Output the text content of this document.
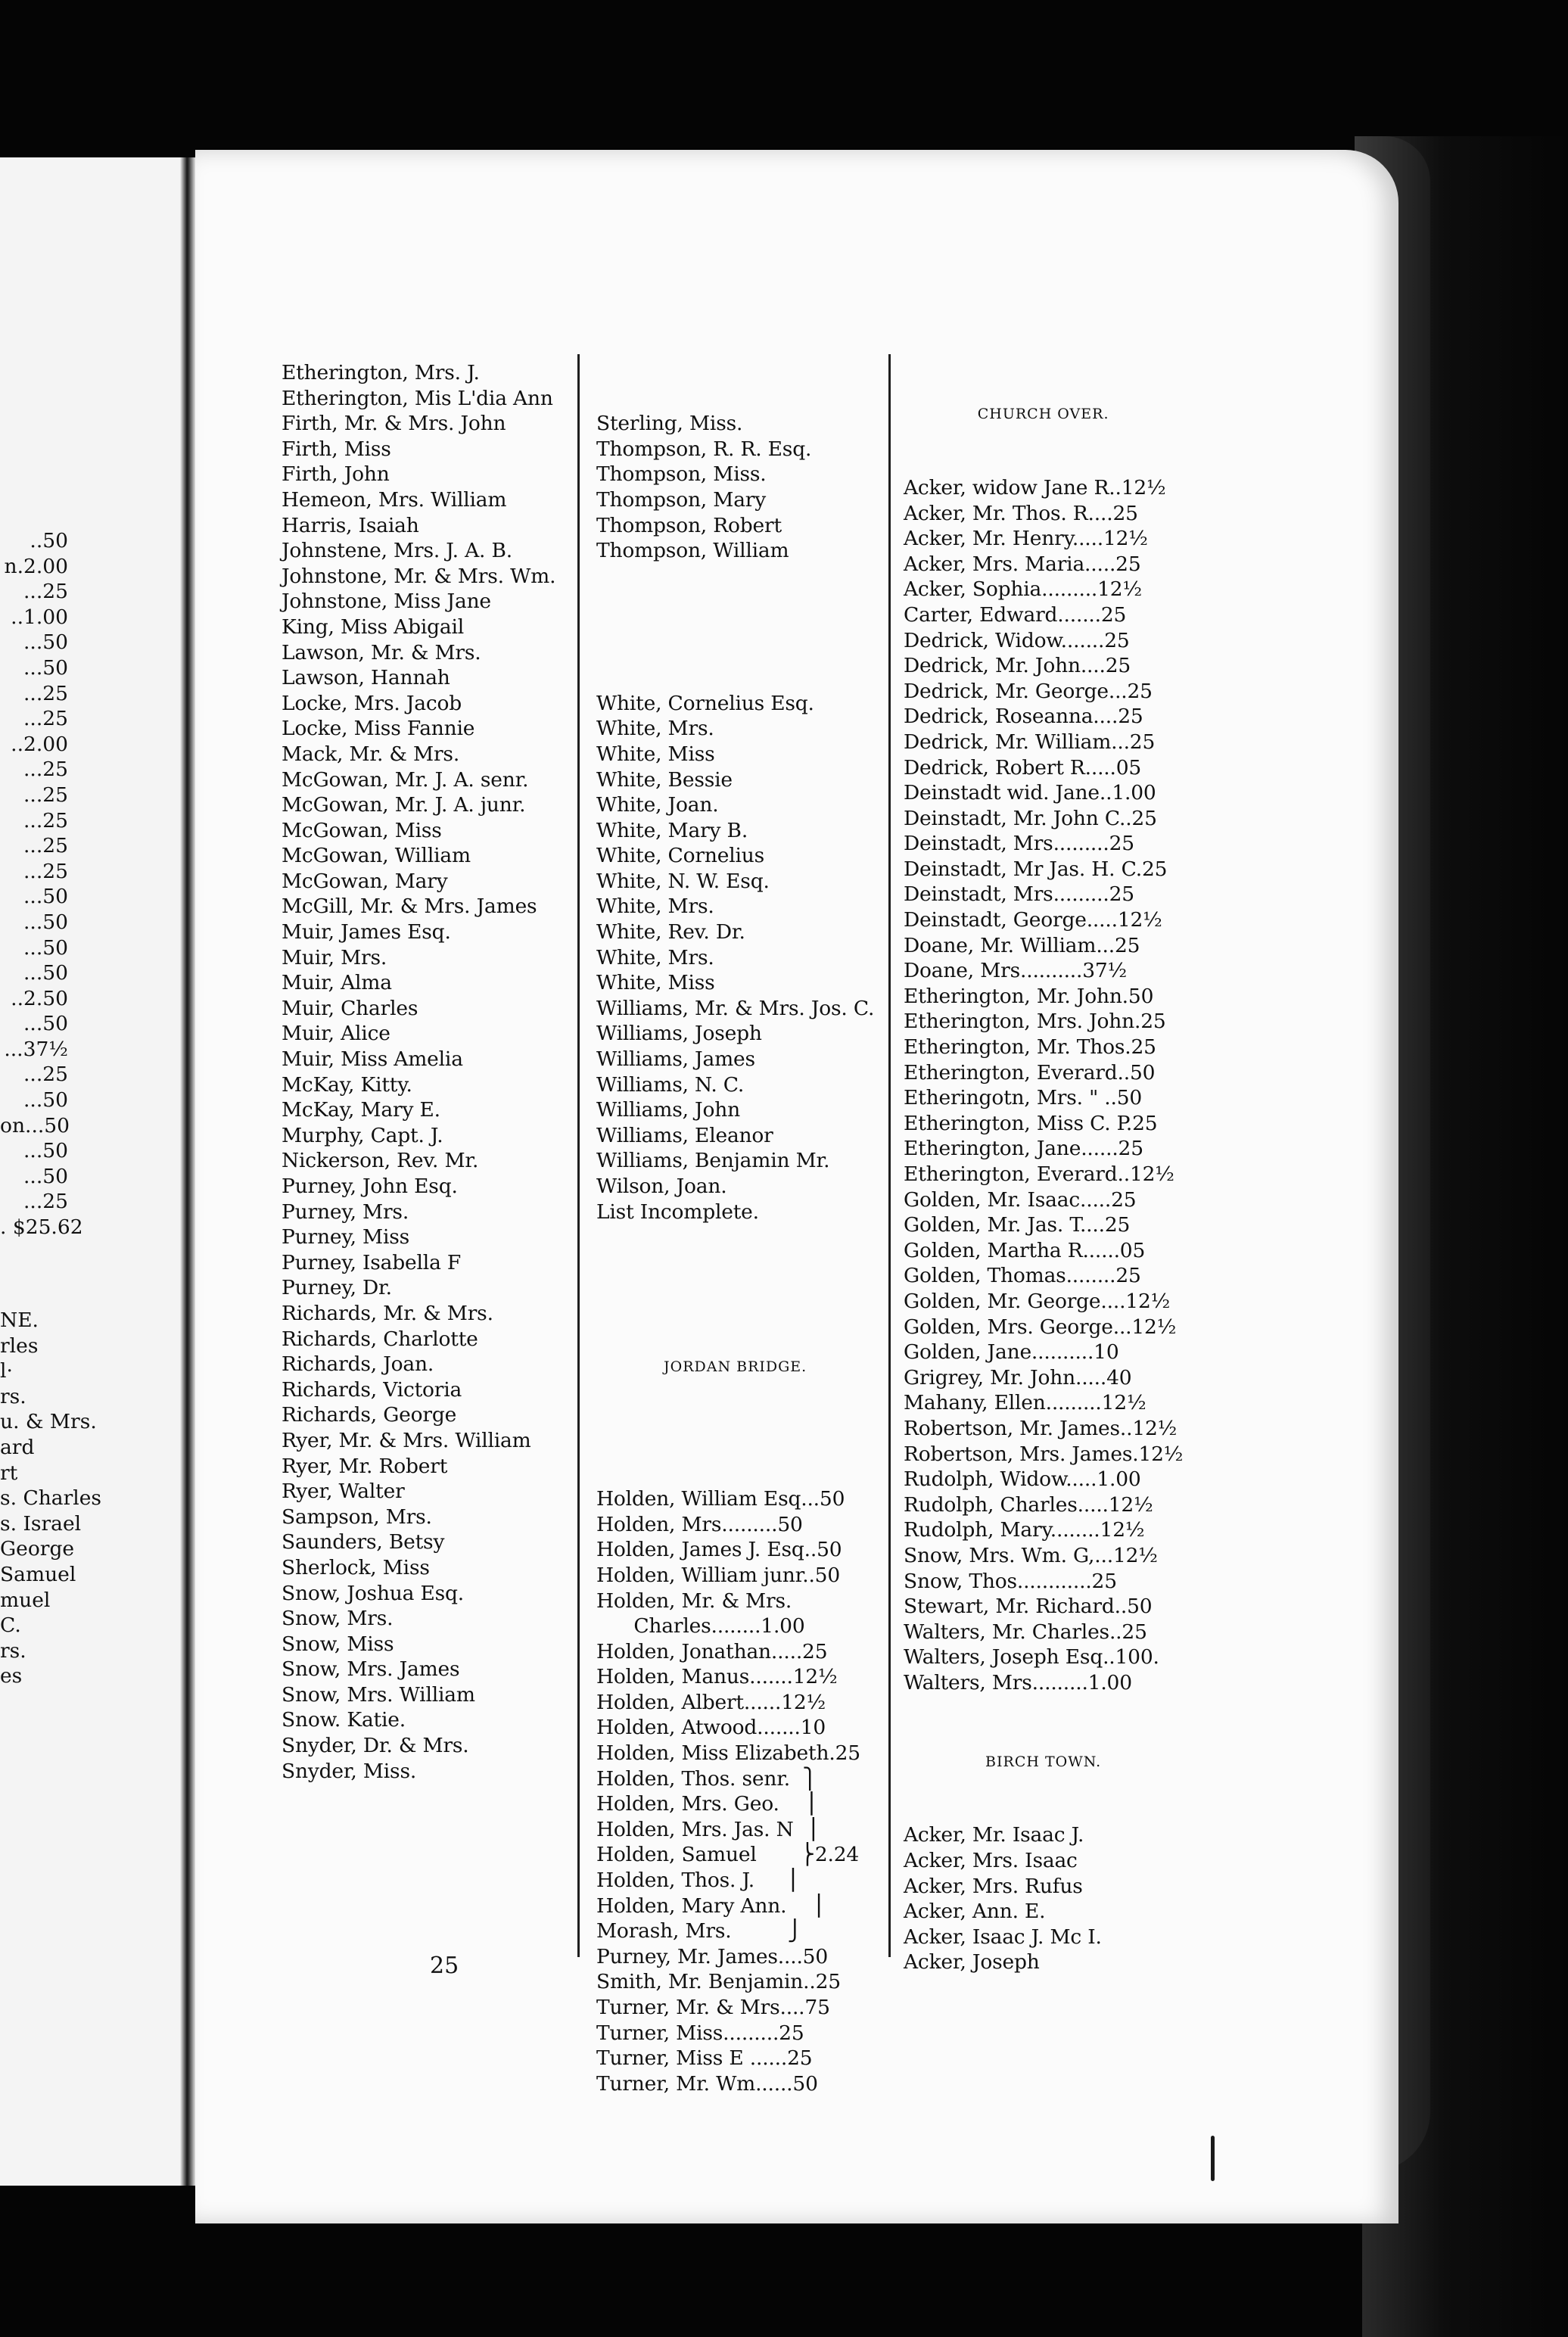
..50
n.2.00
...25
..1.00
...50
...50
...25
...25
..2.00
...25
...25
...25
...25
...25
...50
...50
...50
...50
..2.50
...50
...37½
...25
...50
on...50
...50
...50
...25
. $25.62
NE.
rles
l·
rs.
u. & Mrs.
ard
rt
s. Charles
s. Israel
George
Samuel
muel
C.
rs.
es
Etherington, Mrs. J.
Etherington, Mis L'dia Ann
Firth, Mr. & Mrs. John
Firth, Miss
Firth, John
Hemeon, Mrs. William
Harris, Isaiah
Johnstene, Mrs. J. A. B.
Johnstone, Mr. & Mrs. Wm.
Johnstone, Miss Jane
King, Miss Abigail
Lawson, Mr. & Mrs.
Lawson, Hannah
Locke, Mrs. Jacob
Locke, Miss Fannie
Mack, Mr. & Mrs.
McGowan, Mr. J. A. senr.
McGowan, Mr. J. A. junr.
McGowan, Miss
McGowan, William
McGowan, Mary
McGill, Mr. & Mrs. James
Muir, James Esq.
Muir, Mrs.
Muir, Alma
Muir, Charles
Muir, Alice
Muir, Miss Amelia
McKay, Kitty.
McKay, Mary E.
Murphy, Capt. J.
Nickerson, Rev. Mr.
Purney, John Esq.
Purney, Mrs.
Purney, Miss
Purney, Isabella F
Purney, Dr.
Richards, Mr. & Mrs.
Richards, Charlotte
Richards, Joan.
Richards, Victoria
Richards, George
Ryer, Mr. & Mrs. William
Ryer, Mr. Robert
Ryer, Walter
Sampson, Mrs.
Saunders, Betsy
Sherlock, Miss
Snow, Joshua Esq.
Snow, Mrs.
Snow, Miss
Snow, Mrs. James
Snow, Mrs. William
Snow. Katie.
Snyder, Dr. & Mrs.
Snyder, Miss.

Sterling, Miss.
Thompson, R. R. Esq.
Thompson, Miss.
Thompson, Mary
Thompson, Robert
Thompson, William

White, Cornelius Esq.
White, Mrs.
White, Miss
White, Bessie
White, Joan.
White, Mary B.
White, Cornelius
White, N. W. Esq.
White, Mrs.
White, Rev. Dr.
White, Mrs.
White, Miss
Williams, Mr. & Mrs. Jos. C.
Williams, Joseph
Williams, James
Williams, N. C.
Williams, John
Williams, Eleanor
Williams, Benjamin Mr.
Wilson, Joan.
List Incomplete.

JORDAN BRIDGE.

Holden, William Esq...50
Holden, Mrs.........50
Holden, James J. Esq..50
Holden, William junr..50
Holden, Mr. & Mrs.
Charles........1.00
Holden, Jonathan.....25
Holden, Manus.......12½
Holden, Albert......12½
Holden, Atwood.......10
Holden, Miss Elizabeth.25
Holden, Thos. senr.  ⎫
Holden, Mrs. Geo.    ⎪
Holden, Mrs. Jas. N  ⎪
Holden, Samuel       ⎬2.24
Holden, Thos. J.     ⎪
Holden, Mary Ann.    ⎪
Morash, Mrs.         ⎭
Purney, Mr. James....50
Smith, Mr. Benjamin..25
Turner, Mr. & Mrs....75
Turner, Miss.........25
Turner, Miss E ......25
Turner, Mr. Wm......50

CHURCH OVER.

Acker, widow Jane R..12½
Acker, Mr. Thos. R....25
Acker, Mr. Henry.....12½
Acker, Mrs. Maria.....25
Acker, Sophia.........12½
Carter, Edward.......25
Dedrick, Widow.......25
Dedrick, Mr. John....25
Dedrick, Mr. George...25
Dedrick, Roseanna....25
Dedrick, Mr. William...25
Dedrick, Robert R.....05
Deinstadt wid. Jane..1.00
Deinstadt, Mr. John C..25
Deinstadt, Mrs.........25
Deinstadt, Mr Jas. H. C.25
Deinstadt, Mrs.........25
Deinstadt, George.....12½
Doane, Mr. William...25
Doane, Mrs..........37½
Etherington, Mr. John.50
Etherington, Mrs. John.25
Etherington, Mr. Thos.25
Etherington, Everard..50
Etheringotn, Mrs. " ..50
Etherington, Miss C. P.25
Etherington, Jane......25
Etherington, Everard..12½
Golden, Mr. Isaac.....25
Golden, Mr. Jas. T....25
Golden, Martha R......05
Golden, Thomas........25
Golden, Mr. George....12½
Golden, Mrs. George...12½
Golden, Jane..........10
Grigrey, Mr. John.....40
Mahany, Ellen.........12½
Robertson, Mr. James..12½
Robertson, Mrs. James.12½
Rudolph, Widow.....1.00
Rudolph, Charles.....12½
Rudolph, Mary........12½
Snow, Mrs. Wm. G,...12½
Snow, Thos............25
Stewart, Mr. Richard..50
Walters, Mr. Charles..25
Walters, Joseph Esq..100.
Walters, Mrs.........1.00

BIRCH TOWN.

Acker, Mr. Isaac J.
Acker, Mrs. Isaac
Acker, Mrs. Rufus
Acker, Ann. E.
Acker, Isaac J. Mc I.
Acker, Joseph

25
